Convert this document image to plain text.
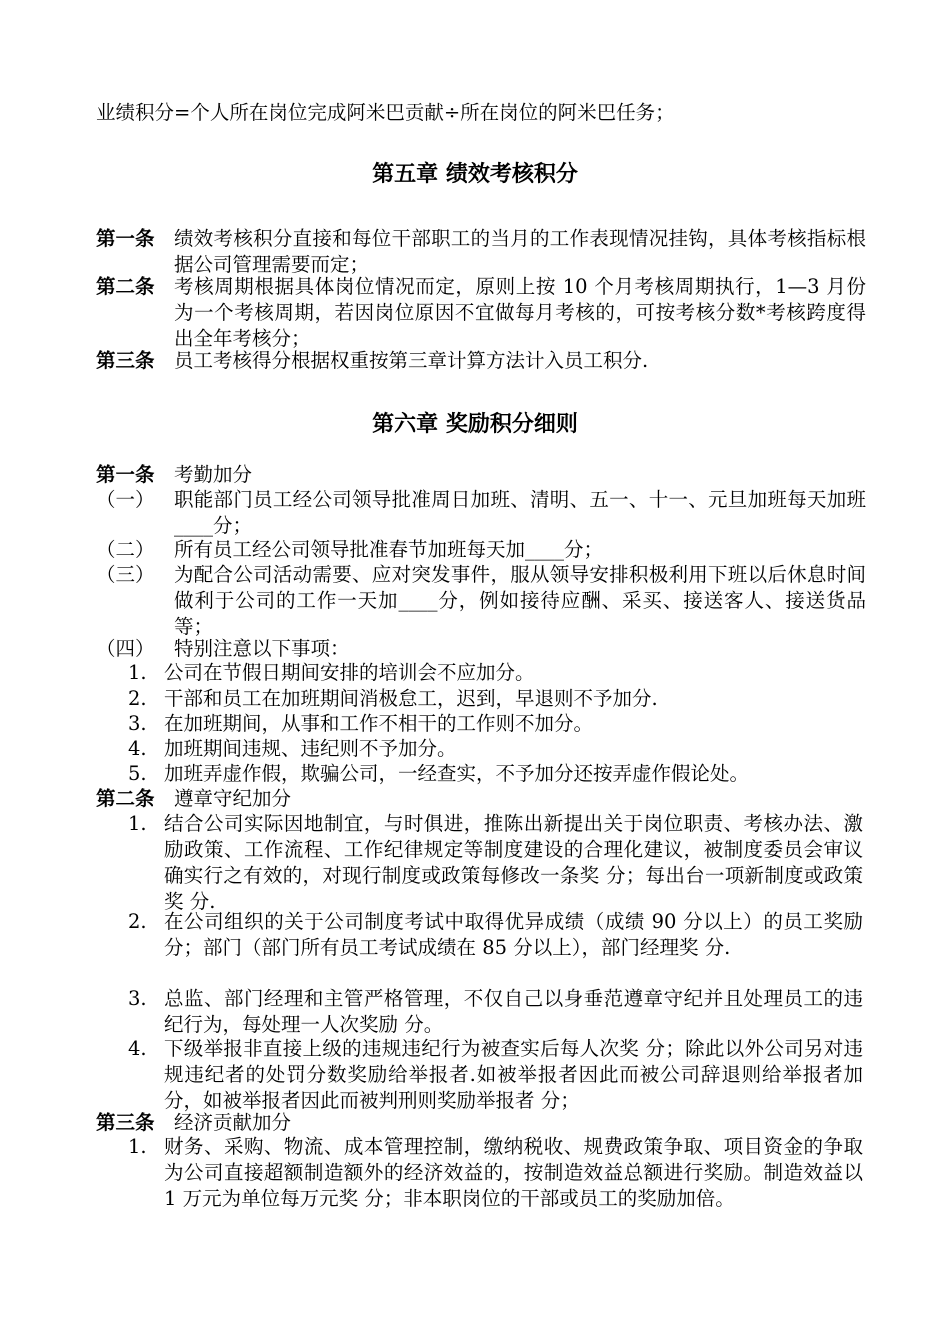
业绩积分=个人所在岗位完成阿米巴贡献÷所在岗位的阿米巴任务；
第五章 绩效考核积分
第一条 绩效考核积分直接和每位干部职工的当月的工作表现情况挂钩，具体考核指标根据公司管理需要而定；
第二条 考核周期根据具体岗位情况而定，原则上按 10 个月考核周期执行，1—3 月份为一个考核周期，若因岗位原因不宜做每月考核的，可按考核分数*考核跨度得出全年考核分；
第三条 员工考核得分根据权重按第三章计算方法计入员工积分.
第六章 奖励积分细则
第一条 考勤加分
（一） 职能部门员工经公司领导批准周日加班、清明、五一、十一、元旦加班每天加班____分；
（二） 所有员工经公司领导批准春节加班每天加____分；
（三） 为配合公司活动需要、应对突发事件，服从领导安排积极利用下班以后休息时间做利于公司的工作一天加____分，例如接待应酬、采买、接送客人、接送货品等；
（四） 特别注意以下事项：
1. 公司在节假日期间安排的培训会不应加分。
2. 干部和员工在加班期间消极怠工，迟到，早退则不予加分.
3. 在加班期间，从事和工作不相干的工作则不加分。
4. 加班期间违规、违纪则不予加分。
5. 加班弄虚作假，欺骗公司，一经查实，不予加分还按弄虚作假论处。
第二条 遵章守纪加分
1. 结合公司实际因地制宜，与时俱进，推陈出新提出关于岗位职责、考核办法、激励政策、工作流程、工作纪律规定等制度建设的合理化建议，被制度委员会审议确实行之有效的，对现行制度或政策每修改一条奖 分；每出台一项新制度或政策奖 分.
2. 在公司组织的关于公司制度考试中取得优异成绩（成绩 90 分以上）的员工奖励 分；部门（部门所有员工考试成绩在 85 分以上），部门经理奖 分.
3. 总监、部门经理和主管严格管理，不仅自己以身垂范遵章守纪并且处理员工的违纪行为，每处理一人次奖励 分。
4. 下级举报非直接上级的违规违纪行为被查实后每人次奖 分；除此以外公司另对违规违纪者的处罚分数奖励给举报者.如被举报者因此而被公司辞退则给举报者加 分，如被举报者因此而被判刑则奖励举报者 分；
第三条 经济贡献加分
1. 财务、采购、物流、成本管理控制，缴纳税收、规费政策争取、项目资金的争取为公司直接超额制造额外的经济效益的，按制造效益总额进行奖励。制造效益以 1 万元为单位每万元奖 分；非本职岗位的干部或员工的奖励加倍。
